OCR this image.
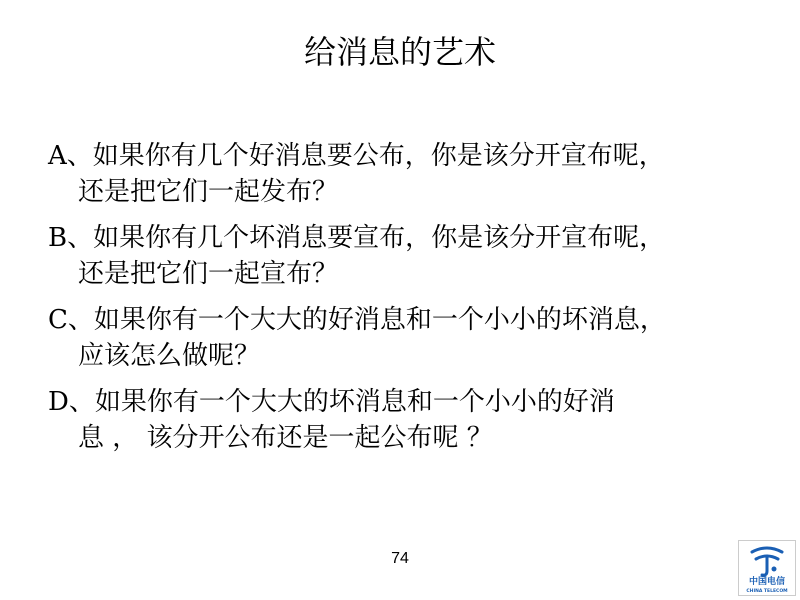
给消息的艺术
A、如果你有几个好消息要公布，你是该分开宣布呢，
还是把它们一起发布？
B、如果你有几个坏消息要宣布，你是该分开宣布呢，
还是把它们一起宣布？
C、如果你有一个大大的好消息和一个小小的坏消息，
应该怎么做呢？
D、如果你有一个大大的坏消息和一个小小的好消
息 ， 该分开公布还是一起公布呢 ？
74
中国电信
CHINA TELECOM
